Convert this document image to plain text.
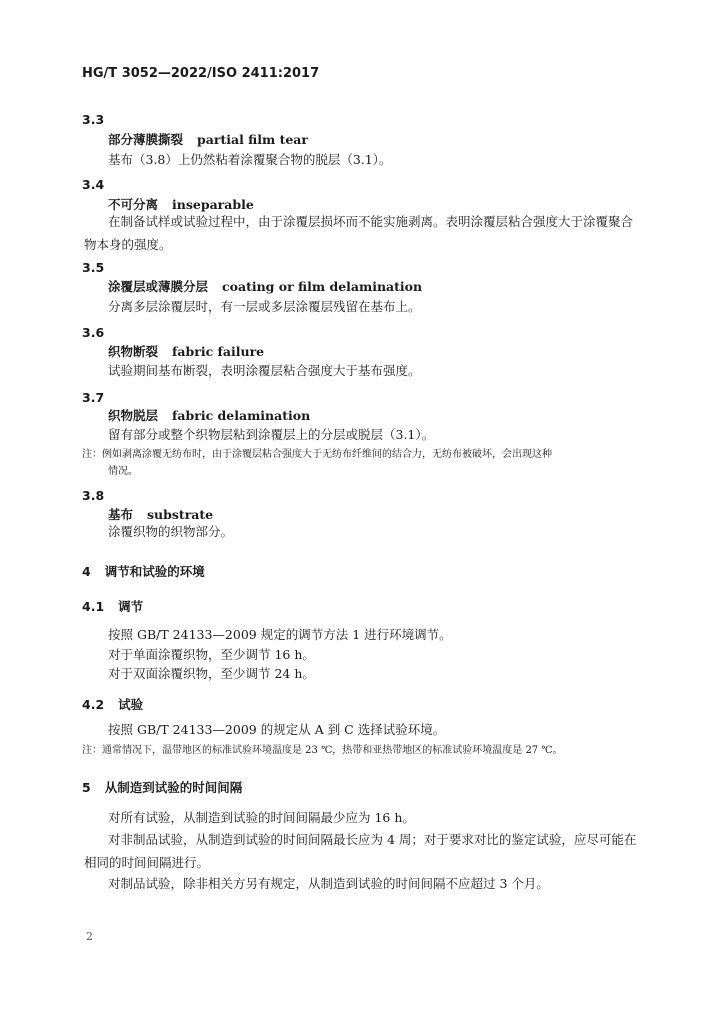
HG/T 3052—2022/ISO 2411:2017
3.3
部分薄膜撕裂 partial film tear
基布（3.8）上仍然粘着涂覆聚合物的脱层（3.1）。
3.4
不可分离 inseparable
在制备试样或试验过程中，由于涂覆层损坏而不能实施剥离。表明涂覆层粘合强度大于涂覆聚合物本身的强度。
3.5
涂覆层或薄膜分层 coating or film delamination
分离多层涂覆层时，有一层或多层涂覆层残留在基布上。
3.6
织物断裂 fabric failure
试验期间基布断裂，表明涂覆层粘合强度大于基布强度。
3.7
织物脱层 fabric delamination
留有部分或整个织物层粘到涂覆层上的分层或脱层（3.1）。
注：例如剥离涂覆无纺布时，由于涂覆层粘合强度大于无纺布纤维间的结合力，无纺布被破坏，会出现这种
情况。
3.8
基布 substrate
涂覆织物的织物部分。
4 调节和试验的环境
4.1 调节
按照 GB/T 24133—2009 规定的调节方法 1 进行环境调节。
对于单面涂覆织物，至少调节 16 h。
对于双面涂覆织物，至少调节 24 h。
4.2 试验
按照 GB/T 24133—2009 的规定从 A 到 C 选择试验环境。
注：通常情况下，温带地区的标准试验环境温度是 23 ℃，热带和亚热带地区的标准试验环境温度是 27 ℃。
5 从制造到试验的时间间隔
对所有试验，从制造到试验的时间间隔最少应为 16 h。
对非制品试验，从制造到试验的时间间隔最长应为 4 周；对于要求对比的鉴定试验，应尽可能在相同的时间间隔进行。
对制品试验，除非相关方另有规定，从制造到试验的时间间隔不应超过 3 个月。
2
